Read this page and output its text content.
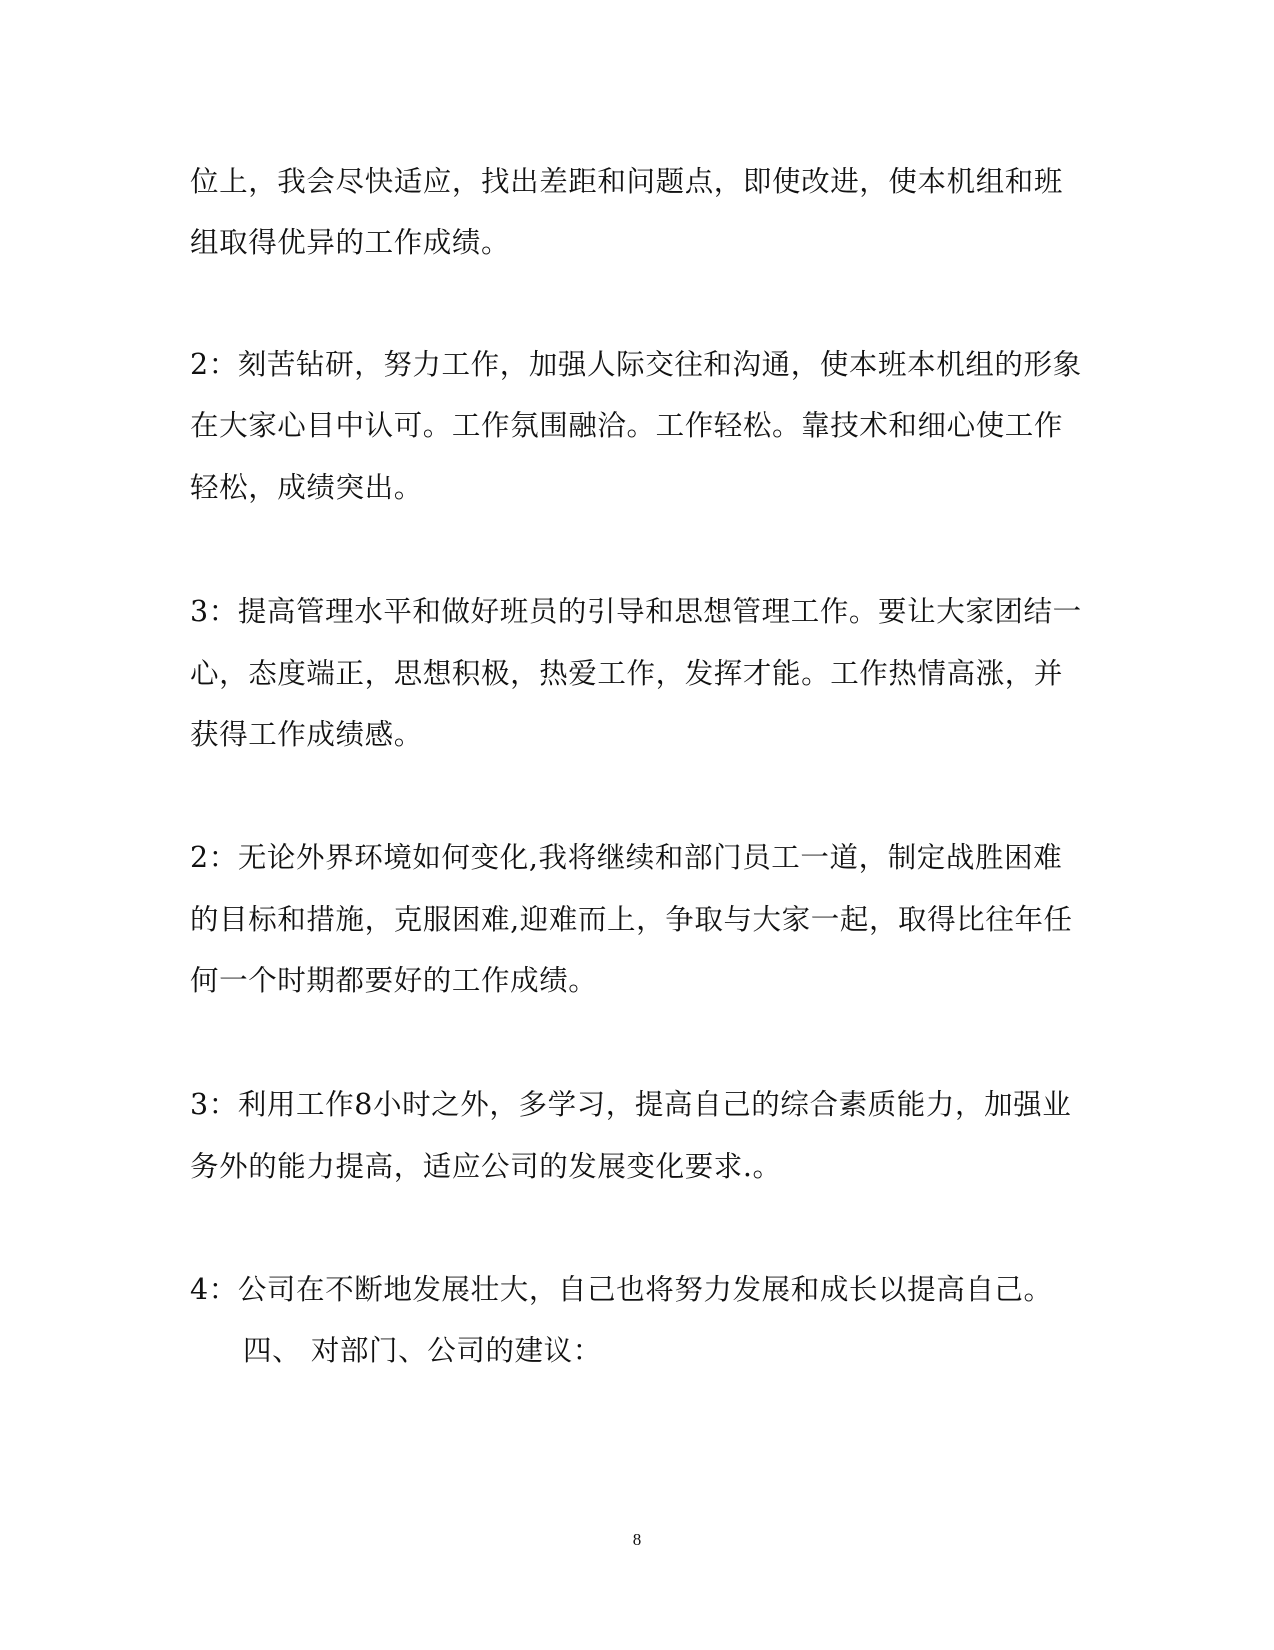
位上，我会尽快适应，找出差距和问题点，即使改进，使本机组和班
组取得优异的工作成绩。
2：刻苦钻研，努力工作，加强人际交往和沟通，使本班本机组的形象
在大家心目中认可。工作氛围融洽。工作轻松。靠技术和细心使工作
轻松，成绩突出。
3：提高管理水平和做好班员的引导和思想管理工作。要让大家团结一
心，态度端正，思想积极，热爱工作，发挥才能。工作热情高涨，并
获得工作成绩感。
2：无论外界环境如何变化,我将继续和部门员工一道，制定战胜困难
的目标和措施，克服困难,迎难而上，争取与大家一起，取得比往年任
何一个时期都要好的工作成绩。
3：利用工作8小时之外，多学习，提高自己的综合素质能力，加强业
务外的能力提高，适应公司的发展变化要求.。
4：公司在不断地发展壮大，自己也将努力发展和成长以提高自己。
四、 对部门、公司的建议：
8
